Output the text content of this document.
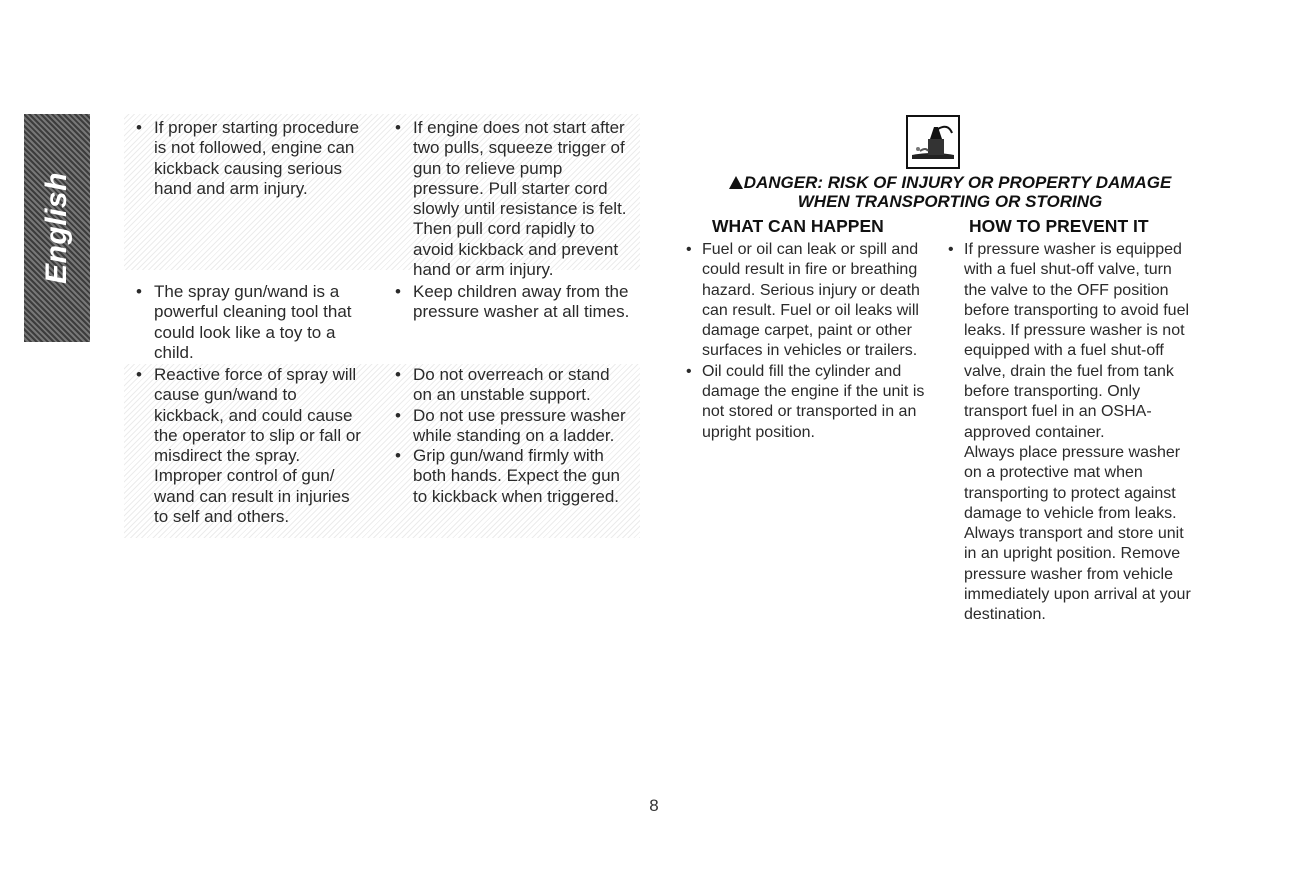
English
• If proper starting procedure is not followed, engine can kickback causing serious hand and arm injury.
• The spray gun/wand is a powerful cleaning tool that could look like a toy to a child.
• Reactive force of spray will cause gun/wand to kickback, and could cause the operator to slip or fall or misdirect the spray. Improper control of gun/ wand can result in injuries to self and others.
• If engine does not start after two pulls, squeeze trigger of gun to relieve pump pressure. Pull starter cord slowly until resistance is felt. Then pull cord rapidly to avoid kickback and prevent hand or arm injury.
• Keep children away from the pressure washer at all times.
• Do not overreach or stand on an unstable support.
• Do not use pressure washer while standing on a ladder.
• Grip gun/wand firmly with both hands. Expect the gun to kickback when triggered.
DANGER: RISK OF INJURY OR PROPERTY DAMAGE
WHEN TRANSPORTING OR STORING
WHAT CAN HAPPEN	HOW TO PREVENT IT
• Fuel or oil can leak or spill and could result in fire or breathing hazard. Serious injury or death can result. Fuel or oil leaks will damage carpet, paint or other surfaces in vehicles or trailers.
• Oil could fill the cylinder and damage the engine if the unit is not stored or transported in an upright position.
• If pressure washer is equipped with a fuel shut-off valve, turn the valve to the OFF position before transporting to avoid fuel leaks. If pressure washer is not equipped with a fuel shut-off valve, drain the fuel from tank before transporting. Only transport fuel in an OSHA-approved container.
Always place pressure washer on a protective mat when transporting to protect against damage to vehicle from leaks.
Always transport and store unit in an upright position. Remove pressure washer from vehicle immediately upon arrival at your destination.
8
